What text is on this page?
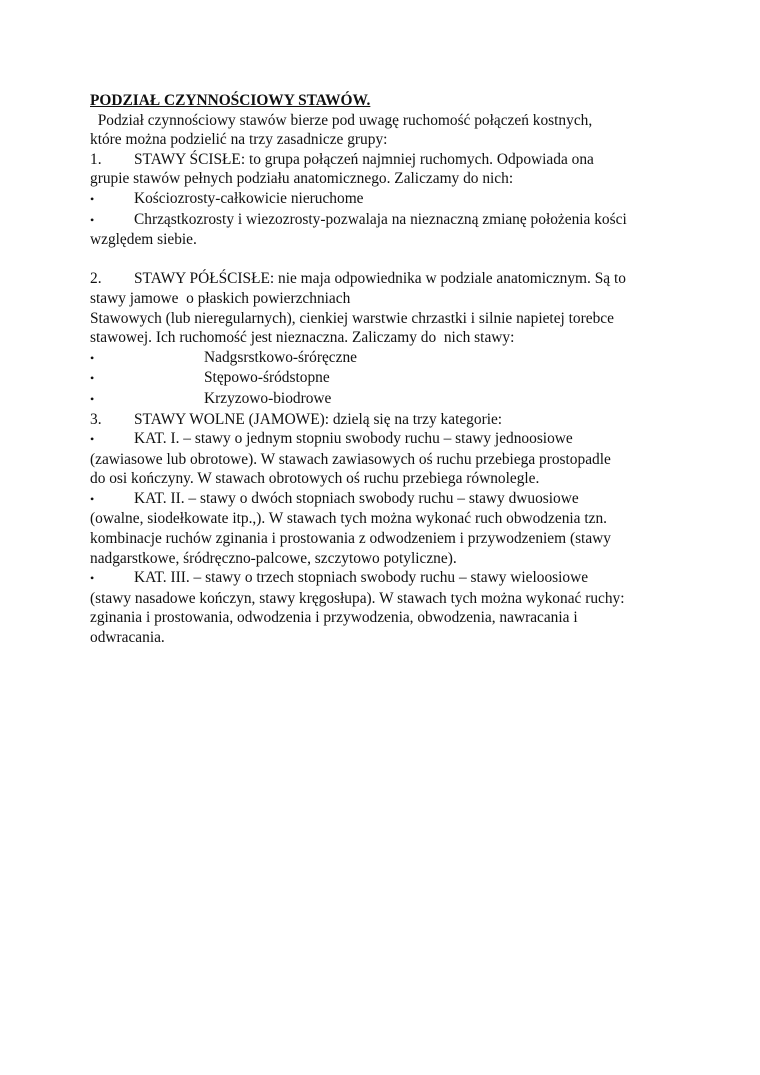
PODZIAŁ CZYNNOŚCIOWY STAWÓW.
Podział czynnościowy stawów bierze pod uwagę ruchomość połączeń kostnych,
które można podzielić na trzy zasadnicze grupy:
1. STAWY ŚCISŁE: to grupa połączeń najmniej ruchomych. Odpowiada ona
grupie stawów pełnych podziału anatomicznego. Zaliczamy do nich:
•	Kościozrosty-całkowicie nieruchome
•	Chrząstkozrosty i wiezozrosty-pozwalaja na nieznaczną zmianę położenia kości
względem siebie.
2. STAWY PÓŁŚCISŁE: nie maja odpowiednika w podziale anatomicznym. Są to
stawy jamowe  o płaskich powierzchniach
Stawowych (lub nieregularnych), cienkiej warstwie chrzastki i silnie napietej torebce
stawowej. Ich ruchomość jest nieznaczna. Zaliczamy do  nich stawy:
•	Nadgsrstkowo-śróręczne
•	Stępowo-śródstopne
•	Krzyzowo-biodrowe
3. STAWY WOLNE (JAMOWE): dzielą się na trzy kategorie:
•	KAT. I. – stawy o jednym stopniu swobody ruchu – stawy jednoosiowe
(zawiasowe lub obrotowe). W stawach zawiasowych oś ruchu przebiega prostopadle
do osi kończyny. W stawach obrotowych oś ruchu przebiega równolegle.
•	KAT. II. – stawy o dwóch stopniach swobody ruchu – stawy dwuosiowe
(owalne, siodełkowate itp.,). W stawach tych można wykonać ruch obwodzenia tzn.
kombinacje ruchów zginania i prostowania z odwodzeniem i przywodzeniem (stawy
nadgarstkowe, śródręczno-palcowe, szczytowo potyliczne).
•	KAT. III. – stawy o trzech stopniach swobody ruchu – stawy wieloosiowe
(stawy nasadowe kończyn, stawy kręgosłupa). W stawach tych można wykonać ruchy:
zginania i prostowania, odwodzenia i przywodzenia, obwodzenia, nawracania i
odwracania.
